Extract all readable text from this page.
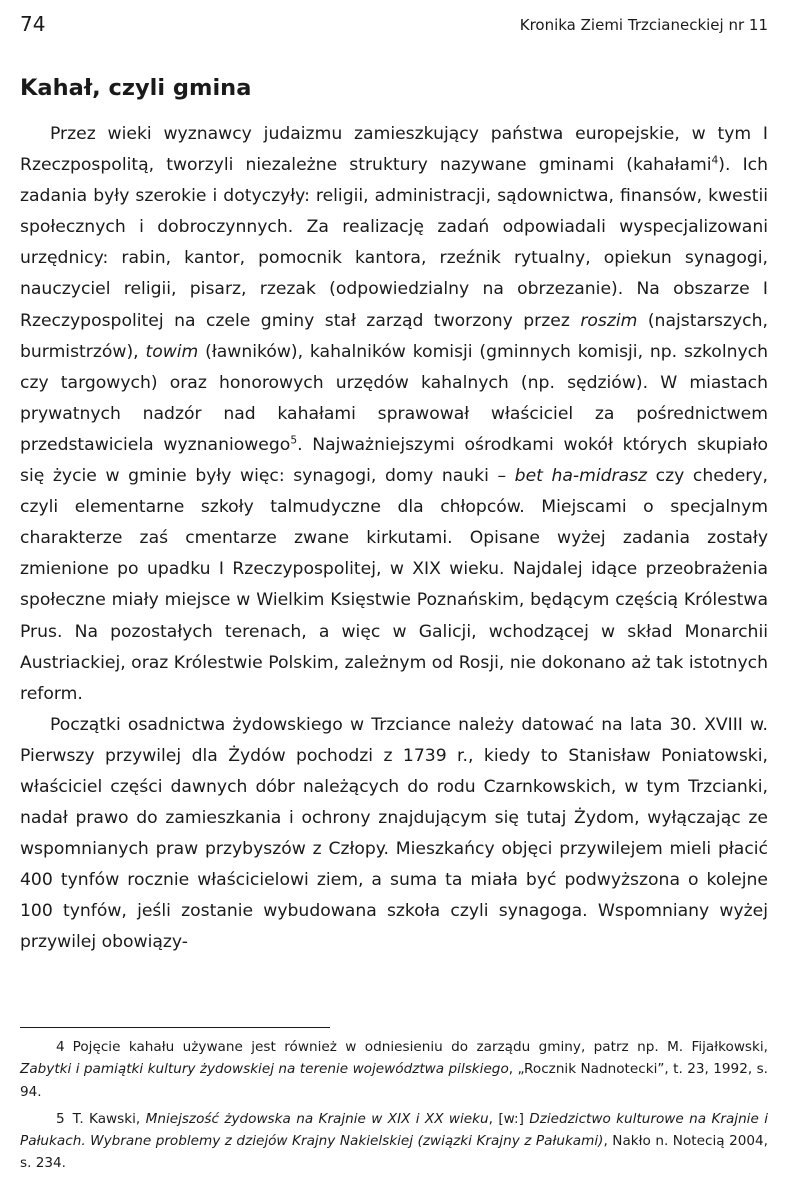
74	Kronika Ziemi Trzcianeckiej nr 11
Kahał, czyli gmina

Przez wieki wyznawcy judaizmu zamieszkujący państwa europejskie, w tym I Rzeczpospolitą, tworzyli niezależne struktury nazywane gminami (kahałami$^4$). Ich zadania były szerokie i dotyczyły: religii, administracji, sądownictwa, finansów, kwestii społecznych i dobroczynnych. Za realizację zadań odpowiadali wyspecjalizowani urzędnicy: rabin, kantor, pomocnik kantora, rzeźnik rytualny, opiekun synagogi, nauczyciel religii, pisarz, rzezak (odpowiedzialny na obrzezanie). Na obszarze I Rzeczypospolitej na czele gminy stał zarząd tworzony przez roszim (najstarszych, burmistrzów), towim (ławników), kahalników komisji (gminnych komisji, np. szkolnych czy targowych) oraz honorowych urzędów kahalnych (np. sędziów). W miastach prywatnych nadzór nad kahałami sprawował właściciel za pośrednictwem przedstawiciela wyznaniowego$^5$. Najważniejszymi ośrodkami wokół których skupiało się życie w gminie były więc: synagogi, domy nauki – bet ha-midrasz czy chedery, czyli elementarne szkoły talmudyczne dla chłopców. Miejscami o specjalnym charakterze zaś cmentarze zwane kirkutami. Opisane wyżej zadania zostały zmienione po upadku I Rzeczypospolitej, w XIX wieku. Najdalej idące przeobrażenia społeczne miały miejsce w Wielkim Księstwie Poznańskim, będącym częścią Królestwa Prus. Na pozostałych terenach, a więc w Galicji, wchodzącej w skład Monarchii Austriackiej, oraz Królestwie Polskim, zależnym od Rosji, nie dokonano aż tak istotnych reform.

Początki osadnictwa żydowskiego w Trzciance należy datować na lata 30. XVIII w. Pierwszy przywilej dla Żydów pochodzi z 1739 r., kiedy to Stanisław Poniatowski, właściciel części dawnych dóbr należących do rodu Czarnkowskich, w tym Trzcianki, nadał prawo do zamieszkania i ochrony znajdującym się tutaj Żydom, wyłączając ze wspomnianych praw przybyszów z Człopy. Mieszkańcy objęci przywilejem mieli płacić 400 tynfów rocznie właścicielowi ziem, a suma ta miała być podwyższona o kolejne 100 tynfów, jeśli zostanie wybudowana szkoła czyli synagoga. Wspomniany wyżej przywilej obowiązy-

4 Pojęcie kahału używane jest również w odniesieniu do zarządu gminy, patrz np. M. Fijałkowski, Zabytki i pamiątki kultury żydowskiej na terenie województwa pilskiego, „Rocznik Nadnotecki”, t. 23, 1992, s. 94.

5 T. Kawski, Mniejszość żydowska na Krajnie w XIX i XX wieku, [w:] Dziedzictwo kulturowe na Krajnie i Pałukach. Wybrane problemy z dziejów Krajny Nakielskiej (związki Krajny z Pałukami), Nakło n. Notecią 2004, s. 234.
